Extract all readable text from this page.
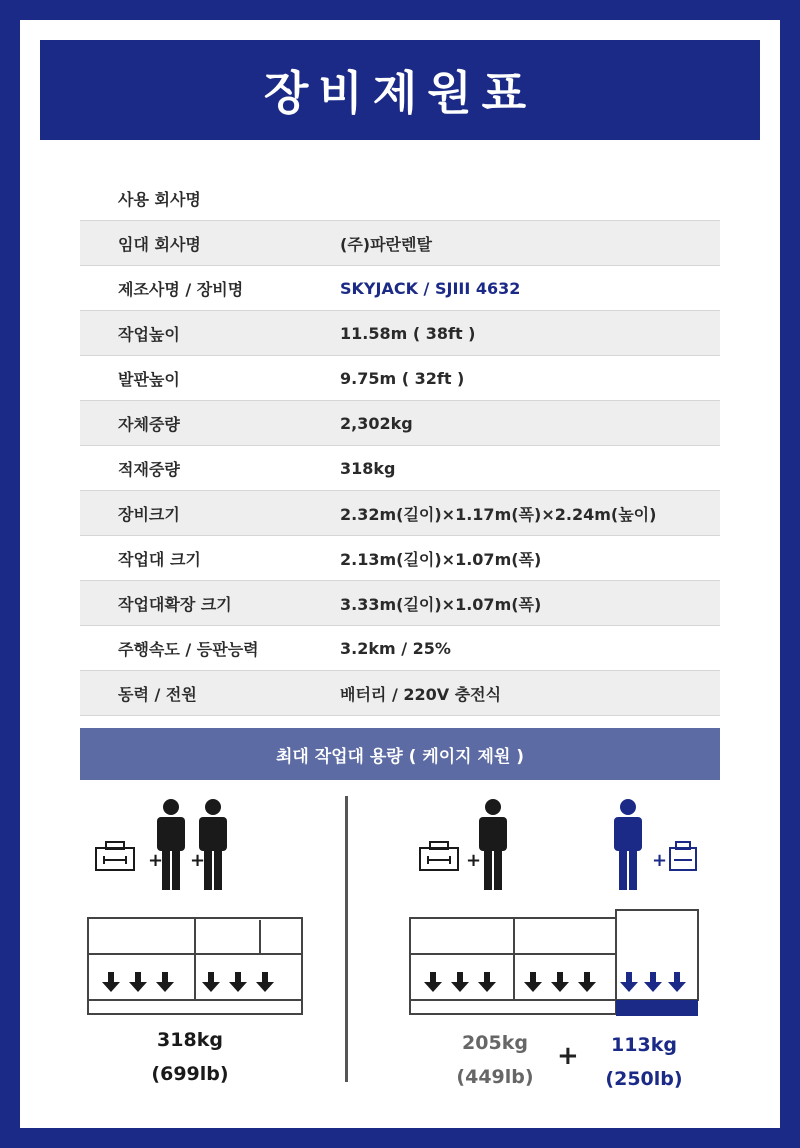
장비제원표
사용 회사명
임대 회사명	(주)파란렌탈
제조사명 / 장비명	SKYJACK / SJIII 4632
작업높이	11.58m ( 38ft )
발판높이	9.75m ( 32ft )
자체중량	2,302kg
적재중량	318kg
장비크기	2.32m(길이)×1.17m(폭)×2.24m(높이)
작업대 크기	2.13m(길이)×1.07m(폭)
작업대확장 크기	3.33m(길이)×1.07m(폭)
주행속도 / 등판능력	3.2km / 25%
동력 / 전원	배터리 / 220V 충전식
최대 작업대 용량 ( 케이지 제원 )
+ +
318kg
(699lb)
+	+
205kg
(449lb)
+	113kg
(250lb)
